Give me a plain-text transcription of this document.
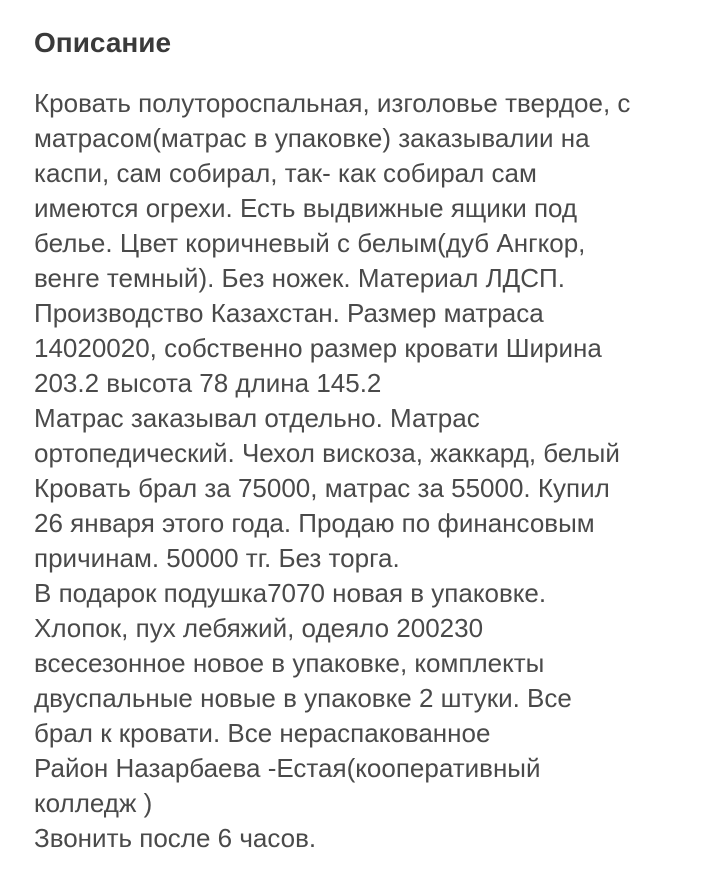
Описание
Кровать полутороспальная, изголовье твердое, с
матрасом(матрас в упаковке) заказывалии на
каспи, сам собирал, так- как собирал сам
имеются огрехи. Есть выдвижные ящики под
белье. Цвет коричневый с белым(дуб Ангкор,
венге темный). Без ножек. Материал ЛДСП.
Производство Казахстан. Размер матраса
14020020, собственно размер кровати Ширина
203.2 высота 78 длина 145.2
Матрас заказывал отдельно. Матрас
ортопедический. Чехол вискоза, жаккард, белый
Кровать брал за 75000, матрас за 55000. Купил
26 января этого года. Продаю по финансовым
причинам. 50000 тг. Без торга.
В подарок подушка7070 новая в упаковке.
Хлопок, пух лебяжий, одеяло 200230
всесезонное новое в упаковке, комплекты
двуспальные новые в упаковке 2 штуки. Все
брал к кровати. Все нераспакованное
Район Назарбаева -Естая(кооперативный
колледж )
Звонить после 6 часов.
